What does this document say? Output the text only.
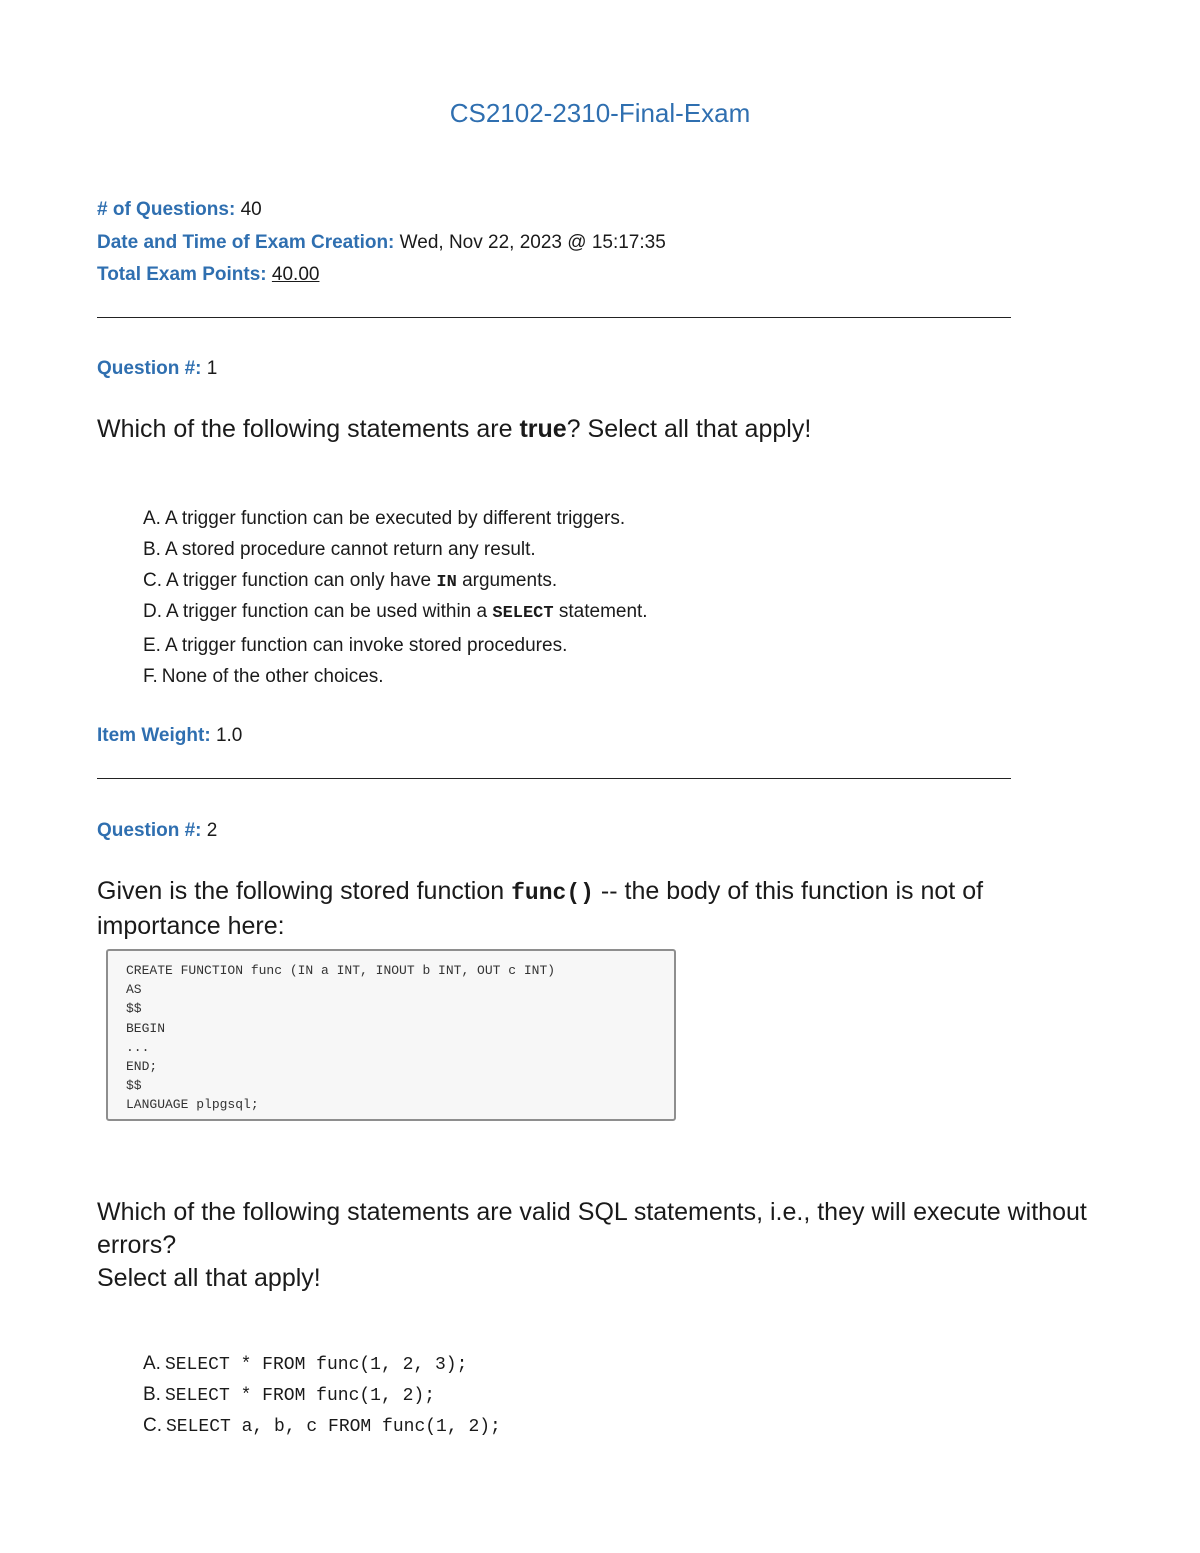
CS2102-2310-Final-Exam
# of Questions: 40
Date and Time of Exam Creation: Wed, Nov 22, 2023 @ 15:17:35
Total Exam Points: 40.00
Question #: 1
Which of the following statements are true? Select all that apply!
A. A trigger function can be executed by different triggers.
B. A stored procedure cannot return any result.
C. A trigger function can only have IN arguments.
D. A trigger function can be used within a SELECT statement.
E. A trigger function can invoke stored procedures.
F. None of the other choices.
Item Weight: 1.0
Question #: 2
Given is the following stored function func() -- the body of this function is not of importance here:
CREATE FUNCTION func (IN a INT, INOUT b INT, OUT c INT)
AS
$$
BEGIN
...
END;
$$
LANGUAGE plpgsql;
Which of the following statements are valid SQL statements, i.e., they will execute without errors?
Select all that apply!
A. SELECT * FROM func(1, 2, 3);
B. SELECT * FROM func(1, 2);
C. SELECT a, b, c FROM func(1, 2);
